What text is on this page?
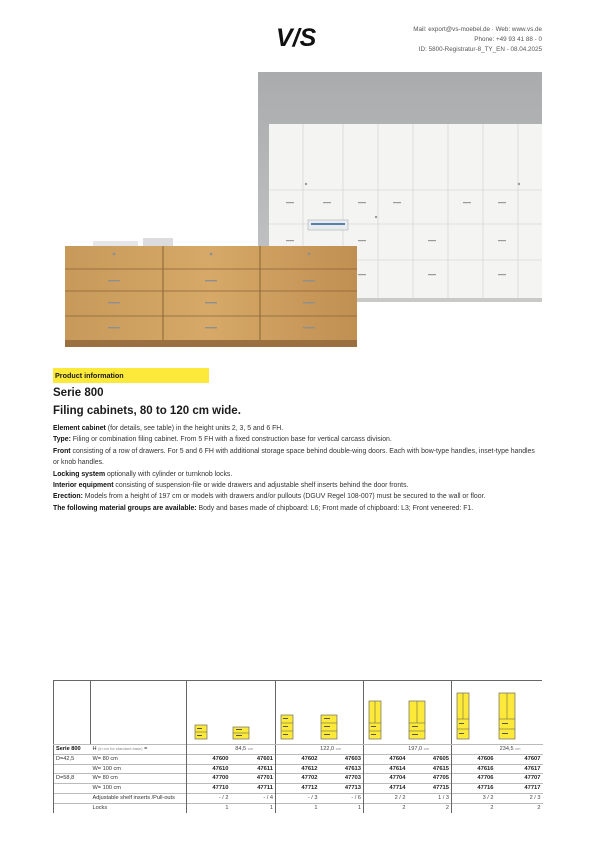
V/S	Mail: export@vs-moebel.de · Web: www.vs.de
Phone: +49 93 41 88 - 0
ID: 5800-Registratur-8_TY_EN - 08.04.2025
Product information
Serie 800
Filing cabinets, 80 to 120 cm wide.

Element cabinet (for details, see table) in the height units 2, 3, 5 and 6 FH.

Type: Filing or combination filing cabinet. From 5 FH with a fixed construction base for vertical carcass division.

Front consisting of a row of drawers. For 5 and 6 FH with additional storage space behind double-wing doors. Each with bow-type handles, inset-type handles or knob handles.

Locking system optionally with cylinder or turnknob locks.

Interior equipment consisting of suspension-file or wide drawers and adjustable shelf inserts behind the door fronts.

Erection: Models from a height of 197 cm or models with drawers and/or pullouts (DGUV Regel 108-007) must be secured to the wall or floor.

The following material groups are available: Body and bases made of chipboard: L6; Front made of chipboard: L3; Front veneered: F1.

Serie 800	H (in cm for standard base) =	84,5 cm		122,0 cm		197,0 cm		234,5 cm	
D=42,5	W= 80 cm	47600	47601	47602	47603	47604	47605	47606	47607
	W= 100 cm	47610	47611	47612	47613	47614	47615	47616	47617
D=58,8	W= 80 cm	47700	47701	47702	47703	47704	47705	47706	47707
	W= 100 cm	47710	47711	47712	47713	47714	47715	47716	47717
	Adjustable shelf inserts /Pull-outs	- / 2	- / 4	- / 3	- / 6	2 / 2	1 / 3	3 / 2	2 / 3
	Locks	1	1	1	1	2	2	2	2
